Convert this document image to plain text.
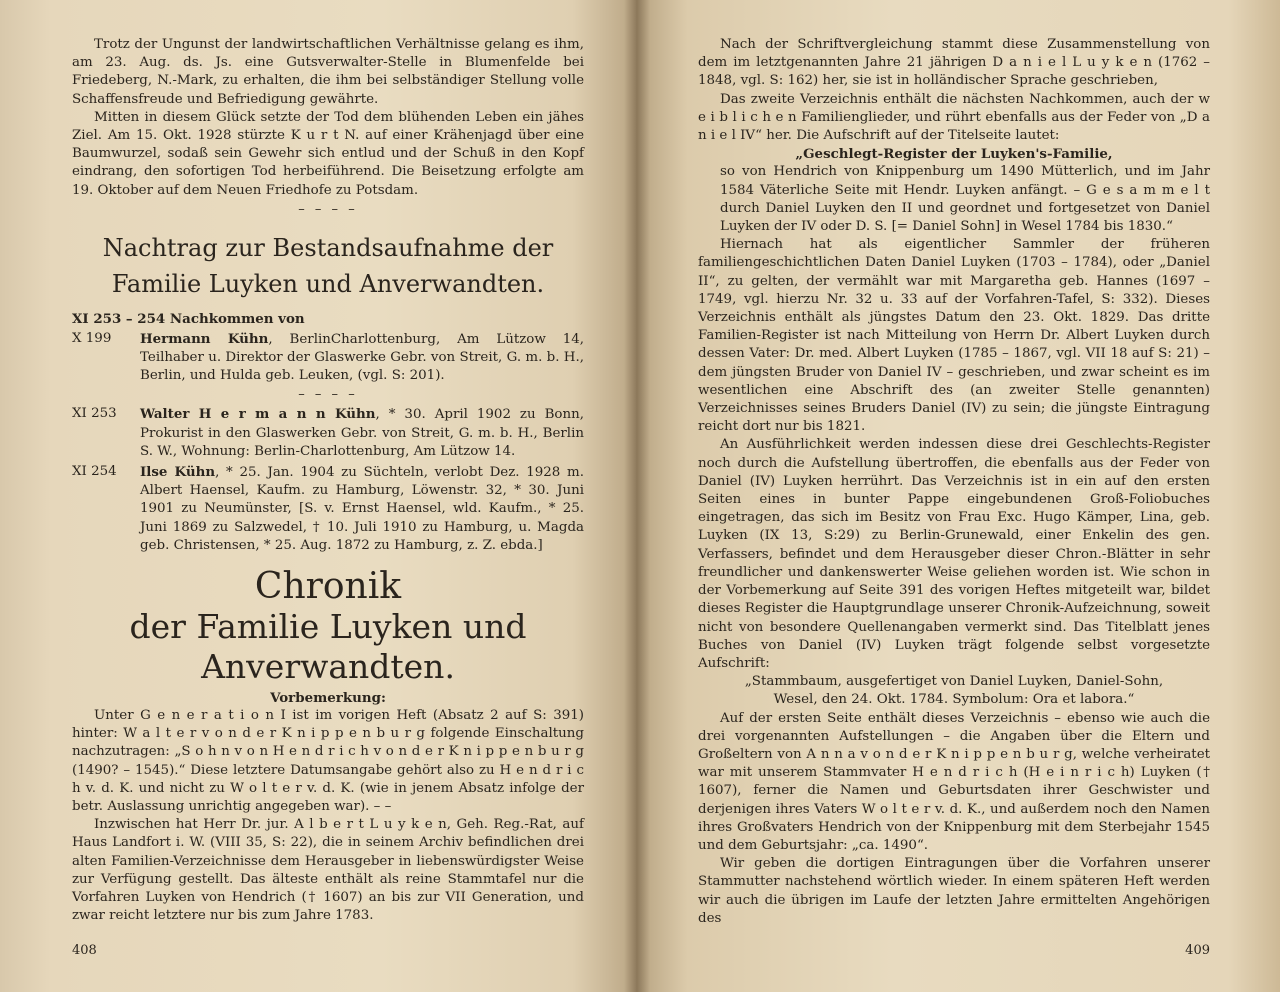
Trotz der Ungunst der landwirtschaftlichen Verhältnisse gelang es ihm, am 23. Aug. ds. Js. eine Gutsverwalter-Stelle in Blumenfelde bei Friedeberg, N.-Mark, zu erhalten, die ihm bei selbständiger Stellung volle Schaffensfreude und Befriedigung gewährte.

Mitten in diesem Glück setzte der Tod dem blühenden Leben ein jähes Ziel. Am 15. Okt. 1928 stürzte K u r t N. auf einer Krähenjagd über eine Baumwurzel, sodaß sein Gewehr sich entlud und der Schuß in den Kopf eindrang, den sofortigen Tod herbeiführend. Die Beisetzung erfolgte am 19. Oktober auf dem Neuen Friedhofe zu Potsdam.

– – – –
Nachtrag zur Bestandsaufnahme der Familie Luyken und Anverwandten.
XI 253 – 254 Nachkommen von
X 199	Hermann Kühn, BerlinCharlottenburg, Am Lützow 14, Teilhaber u. Direktor der Glaswerke Gebr. von Streit, G. m. b. H., Berlin, und Hulda geb. Leuken, (vgl. S: 201).
– – – –
XI 253	Walter H e r m a n n Kühn, * 30. April 1902 zu Bonn, Prokurist in den Glaswerken Gebr. von Streit, G. m. b. H., Berlin S. W., Wohnung: Berlin-Charlottenburg, Am Lützow 14.
XI 254	Ilse Kühn, * 25. Jan. 1904 zu Süchteln, verlobt Dez. 1928 m. Albert Haensel, Kaufm. zu Hamburg, Löwenstr. 32, * 30. Juni 1901 zu Neumünster, [S. v. Ernst Haensel, wld. Kaufm., * 25. Juni 1869 zu Salzwedel, † 10. Juli 1910 zu Hamburg, u. Magda geb. Christensen, * 25. Aug. 1872 zu Hamburg, z. Z. ebda.]
Chronik
der Familie Luyken und Anverwandten.
Vorbemerkung:

Unter G e n e r a t i o n I ist im vorigen Heft (Absatz 2 auf S: 391) hinter: W a l t e r v o n d e r K n i p p e n b u r g folgende Einschaltung nachzutragen: „S o h n v o n H e n d r i c h v o n d e r K n i p p e n b u r g (1490? – 1545).“ Diese letztere Datumsangabe gehört also zu H e n d r i c h v. d. K. und nicht zu W o l t e r v. d. K. (wie in jenem Absatz infolge der betr. Auslassung unrichtig angegeben war). – –

Inzwischen hat Herr Dr. jur. A l b e r t L u y k e n, Geh. Reg.-Rat, auf Haus Landfort i. W. (VIII 35, S: 22), die in seinem Archiv befindlichen drei alten Familien-Verzeichnisse dem Herausgeber in liebenswürdigster Weise zur Verfügung gestellt. Das älteste enthält als reine Stammtafel nur die Vorfahren Luyken von Hendrich († 1607) an bis zur VII Generation, und zwar reicht letztere nur bis zum Jahre 1783.

408

Nach der Schriftvergleichung stammt diese Zusammenstellung von dem im letztgenannten Jahre 21 jährigen D a n i e l L u y k e n (1762 – 1848, vgl. S: 162) her, sie ist in holländischer Sprache geschrieben,

Das zweite Verzeichnis enthält die nächsten Nachkommen, auch der w e i b l i c h e n Familienglieder, und rührt ebenfalls aus der Feder von „D a n i e l IV“ her. Die Aufschrift auf der Titelseite lautet:

„Geschlegt-Register der Luyken's-Familie,
so von Hendrich von Knippenburg um 1490 Mütterlich, und im Jahr 1584 Väterliche Seite mit Hendr. Luyken anfängt. – G e s a m m e l t durch Daniel Luyken den II und geordnet und fortgesetzet von Daniel Luyken der IV oder D. S. [= Daniel Sohn] in Wesel 1784 bis 1830.“

Hiernach hat als eigentlicher Sammler der früheren familiengeschichtlichen Daten Daniel Luyken (1703 – 1784), oder „Daniel II“, zu gelten, der vermählt war mit Margaretha geb. Hannes (1697 – 1749, vgl. hierzu Nr. 32 u. 33 auf der Vorfahren-Tafel, S: 332). Dieses Verzeichnis enthält als jüngstes Datum den 23. Okt. 1829. Das dritte Familien-Register ist nach Mitteilung von Herrn Dr. Albert Luyken durch dessen Vater: Dr. med. Albert Luyken (1785 – 1867, vgl. VII 18 auf S: 21) – dem jüngsten Bruder von Daniel IV – geschrieben, und zwar scheint es im wesentlichen eine Abschrift des (an zweiter Stelle genannten) Verzeichnisses seines Bruders Daniel (IV) zu sein; die jüngste Eintragung reicht dort nur bis 1821.

An Ausführlichkeit werden indessen diese drei Geschlechts-Register noch durch die Aufstellung übertroffen, die ebenfalls aus der Feder von Daniel (IV) Luyken herrührt. Das Verzeichnis ist in ein auf den ersten Seiten eines in bunter Pappe eingebundenen Groß-Foliobuches eingetragen, das sich im Besitz von Frau Exc. Hugo Kämper, Lina, geb. Luyken (IX 13, S:29) zu Berlin-Grunewald, einer Enkelin des gen. Verfassers, befindet und dem Herausgeber dieser Chron.-Blätter in sehr freundlicher und dankenswerter Weise geliehen worden ist. Wie schon in der Vorbemerkung auf Seite 391 des vorigen Heftes mitgeteilt war, bildet dieses Register die Hauptgrundlage unserer Chronik-Aufzeichnung, soweit nicht von besondere Quellenangaben vermerkt sind. Das Titelblatt jenes Buches von Daniel (IV) Luyken trägt folgende selbst vorgesetzte Aufschrift:

„Stammbaum, ausgefertiget von Daniel Luyken, Daniel-Sohn,
Wesel, den 24. Okt. 1784. Symbolum: Ora et labora.“

Auf der ersten Seite enthält dieses Verzeichnis – ebenso wie auch die drei vorgenannten Aufstellungen – die Angaben über die Eltern und Großeltern von A n n a v o n d e r K n i p p e n b u r g, welche verheiratet war mit unserem Stammvater H e n d r i c h (H e i n r i c h) Luyken († 1607), ferner die Namen und Geburtsdaten ihrer Geschwister und derjenigen ihres Vaters W o l t e r v. d. K., und außerdem noch den Namen ihres Großvaters Hendrich von der Knippenburg mit dem Sterbejahr 1545 und dem Geburtsjahr: „ca. 1490“.

Wir geben die dortigen Eintragungen über die Vorfahren unserer Stammutter nachstehend wörtlich wieder. In einem späteren Heft werden wir auch die übrigen im Laufe der letzten Jahre ermittelten Angehörigen des

409
